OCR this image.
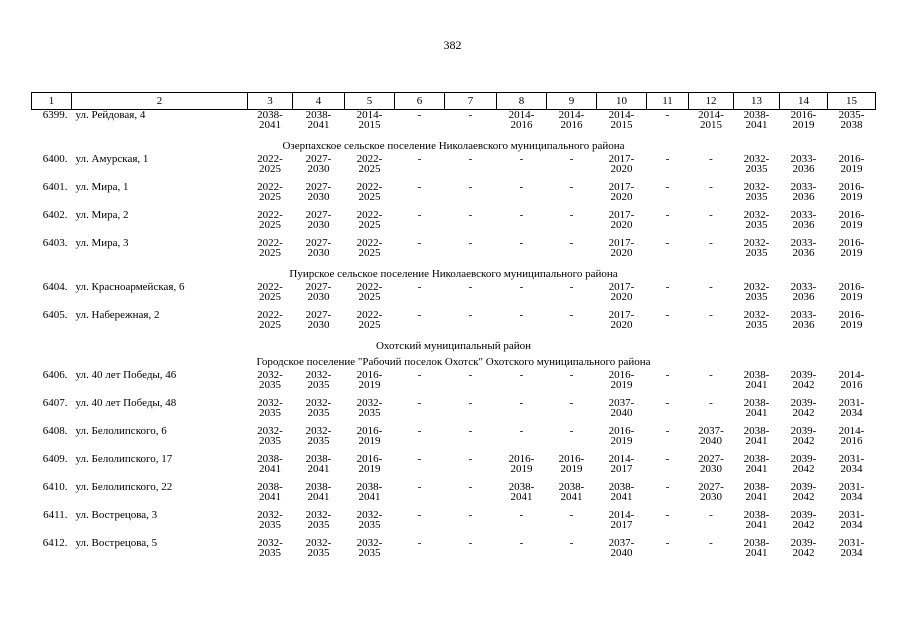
382
1	2	3	4	5	6	7	8	9	10	11	12	13	14	15
6399.	ул. Рейдовая, 4	2038-
2041	2038-
2041	2014-
2015	-	-	2014-
2016	2014-
2016	2014-
2015	-	2014-
2015	2038-
2041	2016-
2019	2035-
2038

Озерпахское сельское поселение Николаевского муниципального района														
6400.	ул. Амурская, 1	2022-
2025	2027-
2030	2022-
2025	-	-	-	-	2017-
2020	-	-	2032-
2035	2033-
2036	2016-
2019

6401.	ул. Мира, 1	2022-
2025	2027-
2030	2022-
2025	-	-	-	-	2017-
2020	-	-	2032-
2035	2033-
2036	2016-
2019

6402.	ул. Мира, 2	2022-
2025	2027-
2030	2022-
2025	-	-	-	-	2017-
2020	-	-	2032-
2035	2033-
2036	2016-
2019

6403.	ул. Мира, 3	2022-
2025	2027-
2030	2022-
2025	-	-	-	-	2017-
2020	-	-	2032-
2035	2033-
2036	2016-
2019

Пуирское сельское поселение Николаевского муниципального района														
6404.	ул. Красноармейская, 6	2022-
2025	2027-
2030	2022-
2025	-	-	-	-	2017-
2020	-	-	2032-
2035	2033-
2036	2016-
2019

6405.	ул. Набережная, 2	2022-
2025	2027-
2030	2022-
2025	-	-	-	-	2017-
2020	-	-	2032-
2035	2033-
2036	2016-
2019

Охотский муниципальный район														
Городское поселение "Рабочий поселок Охотск" Охотского муниципального района														
6406.	ул. 40 лет Победы, 46	2032-
2035	2032-
2035	2016-
2019	-	-	-	-	2016-
2019	-	-	2038-
2041	2039-
2042	2014-
2016

6407.	ул. 40 лет Победы, 48	2032-
2035	2032-
2035	2032-
2035	-	-	-	-	2037-
2040	-	-	2038-
2041	2039-
2042	2031-
2034

6408.	ул. Белолипского, 6	2032-
2035	2032-
2035	2016-
2019	-	-	-	-	2016-
2019	-	2037-
2040	2038-
2041	2039-
2042	2014-
2016

6409.	ул. Белолипского, 17	2038-
2041	2038-
2041	2016-
2019	-	-	2016-
2019	2016-
2019	2014-
2017	-	2027-
2030	2038-
2041	2039-
2042	2031-
2034

6410.	ул. Белолипского, 22	2038-
2041	2038-
2041	2038-
2041	-	-	2038-
2041	2038-
2041	2038-
2041	-	2027-
2030	2038-
2041	2039-
2042	2031-
2034

6411.	ул. Вострецова, 3	2032-
2035	2032-
2035	2032-
2035	-	-	-	-	2014-
2017	-	-	2038-
2041	2039-
2042	2031-
2034

6412.	ул. Вострецова, 5	2032-
2035	2032-
2035	2032-
2035	-	-	-	-	2037-
2040	-	-	2038-
2041	2039-
2042	2031-
2034
